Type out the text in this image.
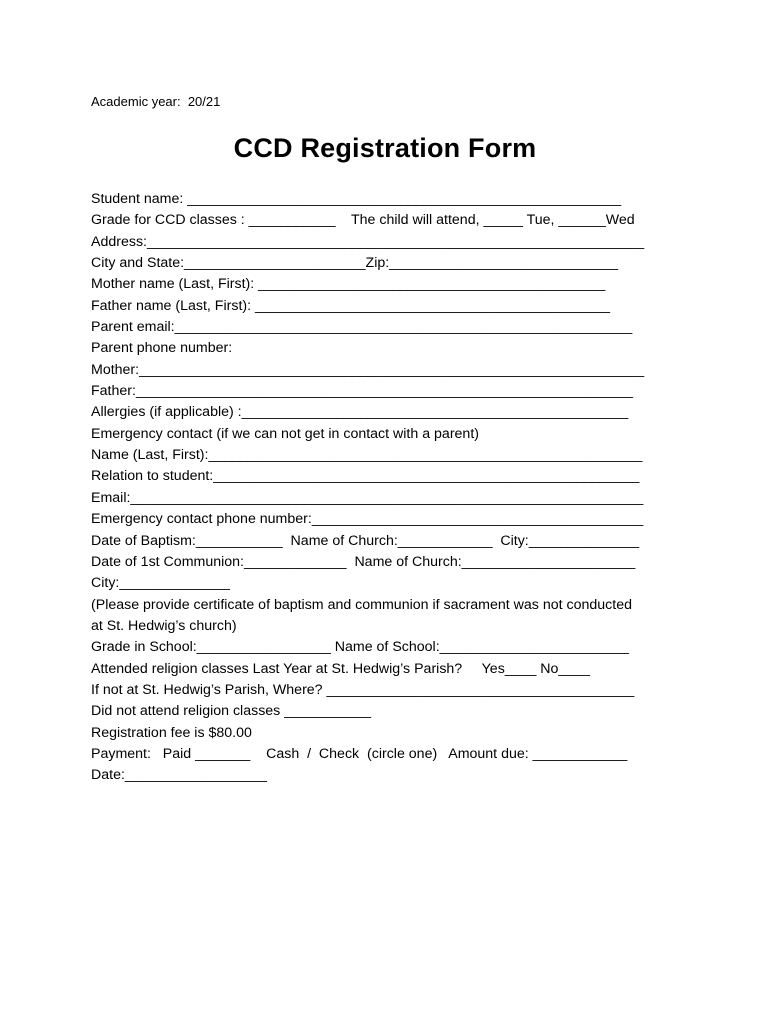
Academic year:  20/21
CCD Registration Form
Student name: _______________________________________________________
Grade for CCD classes : ___________    The child will attend, _____ Tue, ______Wed
Address:_______________________________________________________________
City and State:_______________________Zip:_____________________________
Mother name (Last, First): ____________________________________________
Father name (Last, First): _____________________________________________
Parent email:__________________________________________________________
Parent phone number:
Mother:________________________________________________________________
Father:_______________________________________________________________
Allergies (if applicable) :_________________________________________________
Emergency contact (if we can not get in contact with a parent)
Name (Last, First):_______________________________________________________
Relation to student:______________________________________________________
Email:_________________________________________________________________
Emergency contact phone number:__________________________________________
Date of Baptism:___________  Name of Church:____________  City:______________
Date of 1st Communion:_____________  Name of Church:______________________
City:______________
(Please provide certificate of baptism and communion if sacrament was not conducted
at St. Hedwig’s church)
Grade in School:_________________ Name of School:________________________
Attended religion classes Last Year at St. Hedwig’s Parish?     Yes____ No____
If not at St. Hedwig’s Parish, Where? _______________________________________
Did not attend religion classes ___________
Registration fee is $80.00
Payment:   Paid _______    Cash  /  Check  (circle one)   Amount due: ____________
Date:__________________
